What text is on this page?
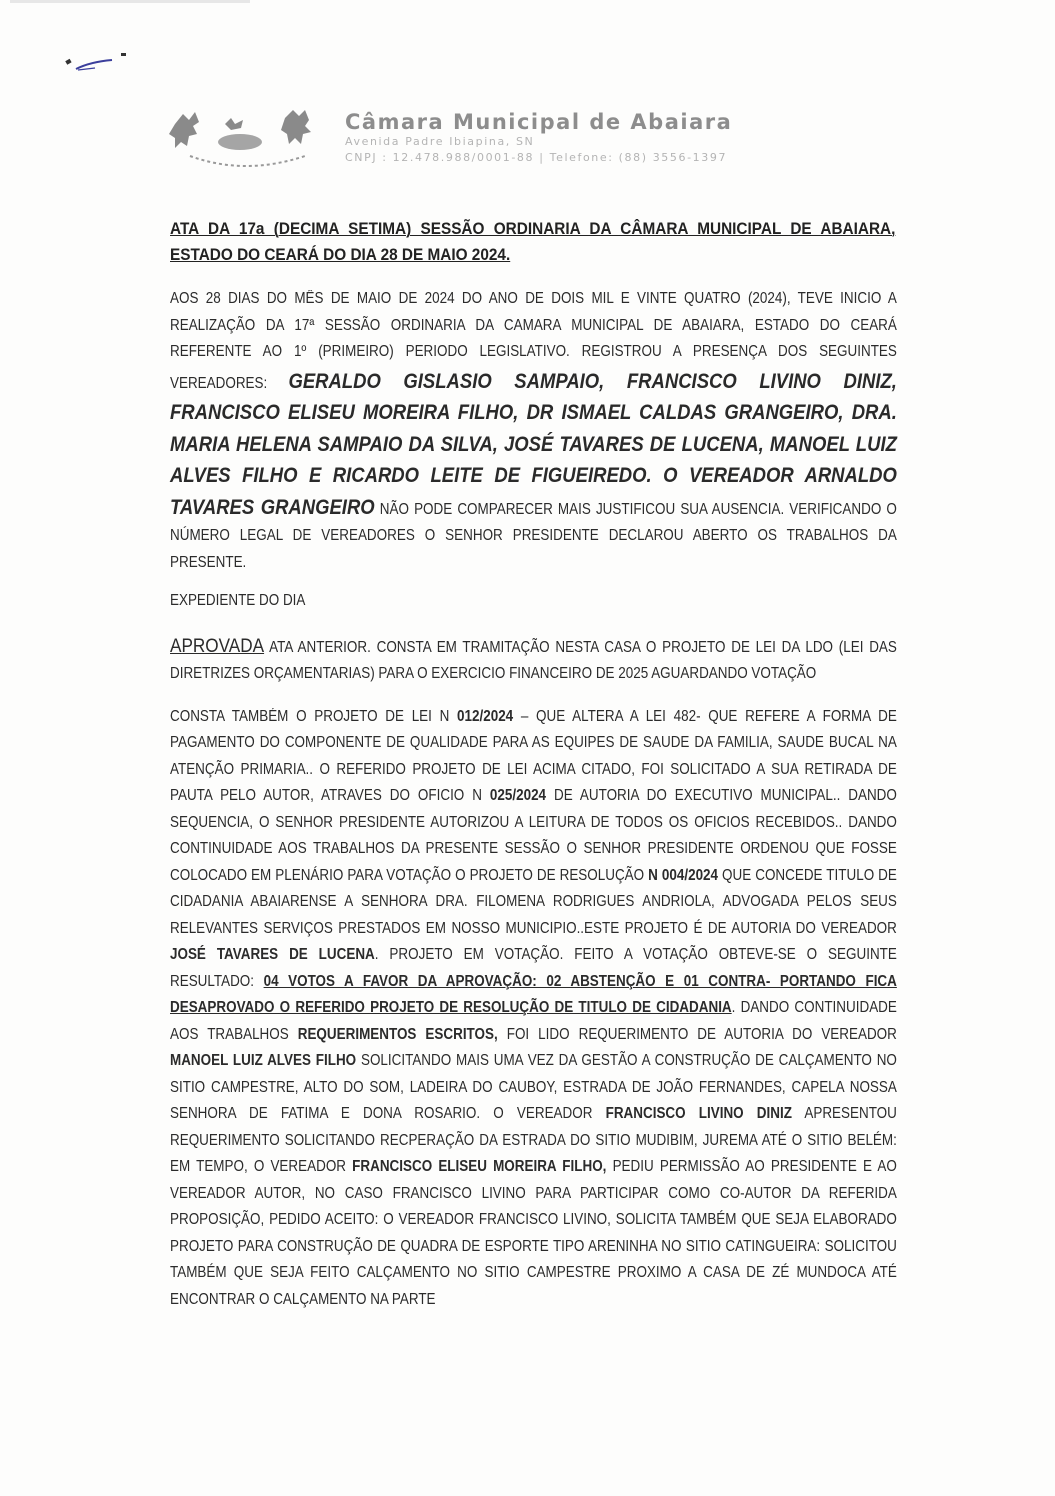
Câmara Municipal de Abaiara
Avenida Padre Ibiapina, SN
CNPJ : 12.478.988/0001-88 | Telefone: (88) 3556-1397
ATA DA 17a (DECIMA SETIMA) SESSÃO ORDINARIA DA CÂMARA MUNICIPAL DE ABAIARA, ESTADO DO CEARÁ DO DIA 28 DE MAIO 2024.

AOS 28 DIAS DO MÊS DE MAIO DE 2024 DO ANO DE DOIS MIL E VINTE QUATRO (2024), TEVE INICIO A REALIZAÇÃO DA 17ª SESSÃO ORDINARIA DA CAMARA MUNICIPAL DE ABAIARA, ESTADO DO CEARÁ REFERENTE AO 1º (PRIMEIRO) PERIODO LEGISLATIVO. REGISTROU A PRESENÇA DOS SEGUINTES VEREADORES: GERALDO GISLASIO SAMPAIO, FRANCISCO LIVINO DINIZ, FRANCISCO ELISEU MOREIRA FILHO, DR ISMAEL CALDAS GRANGEIRO, DRA. MARIA HELENA SAMPAIO DA SILVA, JOSÉ TAVARES DE LUCENA, MANOEL LUIZ ALVES FILHO E RICARDO LEITE DE FIGUEIREDO. O VEREADOR ARNALDO TAVARES GRANGEIRO NÃO PODE COMPARECER MAIS JUSTIFICOU SUA AUSENCIA. VERIFICANDO O NÚMERO LEGAL DE VEREADORES O SENHOR PRESIDENTE DECLAROU ABERTO OS TRABALHOS DA PRESENTE.

EXPEDIENTE DO DIA

APROVADA ATA ANTERIOR. CONSTA EM TRAMITAÇÃO NESTA CASA O PROJETO DE LEI DA LDO (LEI DAS DIRETRIZES ORÇAMENTARIAS) PARA O EXERCICIO FINANCEIRO DE 2025 AGUARDANDO VOTAÇÃO

CONSTA TAMBÉM O PROJETO DE LEI N 012/2024 – QUE ALTERA A LEI 482- QUE REFERE A FORMA DE PAGAMENTO DO COMPONENTE DE QUALIDADE PARA AS EQUIPES DE SAUDE DA FAMILIA, SAUDE BUCAL NA ATENÇÃO PRIMARIA.. O REFERIDO PROJETO DE LEI ACIMA CITADO, FOI SOLICITADO A SUA RETIRADA DE PAUTA PELO AUTOR, ATRAVES DO OFICIO N 025/2024 DE AUTORIA DO EXECUTIVO MUNICIPAL.. DANDO SEQUENCIA, O SENHOR PRESIDENTE AUTORIZOU A LEITURA DE TODOS OS OFICIOS RECEBIDOS.. DANDO CONTINUIDADE AOS TRABALHOS DA PRESENTE SESSÃO O SENHOR PRESIDENTE ORDENOU QUE FOSSE COLOCADO EM PLENÁRIO PARA VOTAÇÃO O PROJETO DE RESOLUÇÃO N 004/2024 QUE CONCEDE TITULO DE CIDADANIA ABAIARENSE A SENHORA DRA. FILOMENA RODRIGUES ANDRIOLA, ADVOGADA PELOS SEUS RELEVANTES SERVIÇOS PRESTADOS EM NOSSO MUNICIPIO..ESTE PROJETO É DE AUTORIA DO VEREADOR JOSÉ TAVARES DE LUCENA. PROJETO EM VOTAÇÃO. FEITO A VOTAÇÃO OBTEVE-SE O SEGUINTE RESULTADO: 04 VOTOS A FAVOR DA APROVAÇÃO: 02 ABSTENÇÃO E 01 CONTRA- PORTANDO FICA DESAPROVADO O REFERIDO PROJETO DE RESOLUÇÃO DE TITULO DE CIDADANIA. DANDO CONTINUIDADE AOS TRABALHOS REQUERIMENTOS ESCRITOS, FOI LIDO REQUERIMENTO DE AUTORIA DO VEREADOR MANOEL LUIZ ALVES FILHO SOLICITANDO MAIS UMA VEZ DA GESTÃO A CONSTRUÇÃO DE CALÇAMENTO NO SITIO CAMPESTRE, ALTO DO SOM, LADEIRA DO CAUBOY, ESTRADA DE JOÃO FERNANDES, CAPELA NOSSA SENHORA DE FATIMA E DONA ROSARIO. O VEREADOR FRANCISCO LIVINO DINIZ APRESENTOU REQUERIMENTO SOLICITANDO RECPERAÇÃO DA ESTRADA DO SITIO MUDIBIM, JUREMA ATÉ O SITIO BELÉM: EM TEMPO, O VEREADOR FRANCISCO ELISEU MOREIRA FILHO, PEDIU PERMISSÃO AO PRESIDENTE E AO VEREADOR AUTOR, NO CASO FRANCISCO LIVINO PARA PARTICIPAR COMO CO-AUTOR DA REFERIDA PROPOSIÇÃO, PEDIDO ACEITO: O VEREADOR FRANCISCO LIVINO, SOLICITA TAMBÉM QUE SEJA ELABORADO PROJETO PARA CONSTRUÇÃO DE QUADRA DE ESPORTE TIPO ARENINHA NO SITIO CATINGUEIRA: SOLICITOU TAMBÉM QUE SEJA FEITO CALÇAMENTO NO SITIO CAMPESTRE PROXIMO A CASA DE ZÉ MUNDOCA ATÉ ENCONTRAR O CALÇAMENTO NA PARTE
